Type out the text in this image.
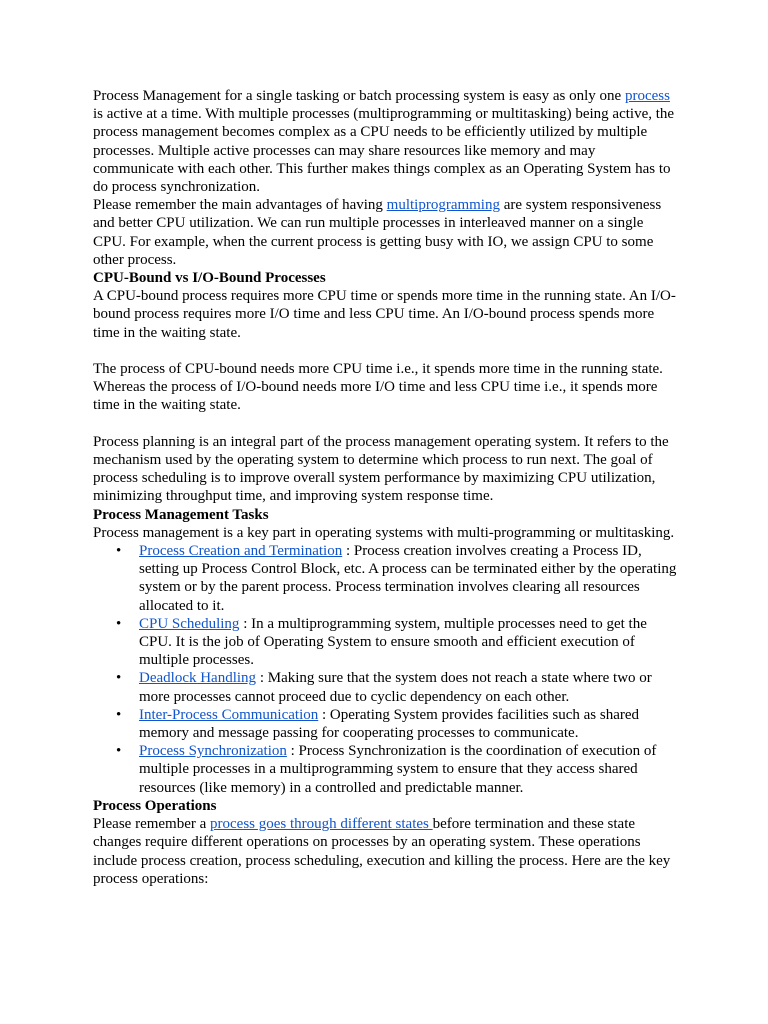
Process Management for a single tasking or batch processing system is easy as only one process is active at a time. With multiple processes (multiprogramming or multitasking) being active, the process management becomes complex as a CPU needs to be efficiently utilized by multiple processes. Multiple active processes can may share resources like memory and may communicate with each other. This further makes things complex as an Operating System has to do process synchronization.

Please remember the main advantages of having multiprogramming are system responsiveness and better CPU utilization. We can run multiple processes in interleaved manner on a single CPU. For example, when the current process is getting busy with IO, we assign CPU to some other process.

CPU-Bound vs I/O-Bound Processes

A CPU-bound process requires more CPU time or spends more time in the running state. An I/O-bound process requires more I/O time and less CPU time. An I/O-bound process spends more time in the waiting state.

The process of CPU-bound needs more CPU time i.e., it spends more time in the running state. Whereas the process of I/O-bound needs more I/O time and less CPU time i.e., it spends more time in the waiting state.

Process planning is an integral part of the process management operating system. It refers to the mechanism used by the operating system to determine which process to run next. The goal of process scheduling is to improve overall system performance by maximizing CPU utilization, minimizing throughput time, and improving system response time.

Process Management Tasks

Process management is a key part in operating systems with multi-programming or multitasking.

• Process Creation and Termination : Process creation involves creating a Process ID, setting up Process Control Block, etc. A process can be terminated either by the operating system or by the parent process. Process termination involves clearing all resources allocated to it.
• CPU Scheduling : In a multiprogramming system, multiple processes need to get the CPU. It is the job of Operating System to ensure smooth and efficient execution of multiple processes.
• Deadlock Handling : Making sure that the system does not reach a state where two or more processes cannot proceed due to cyclic dependency on each other.
• Inter-Process Communication : Operating System provides facilities such as shared memory and message passing for cooperating processes to communicate.
• Process Synchronization : Process Synchronization is the coordination of execution of multiple processes in a multiprogramming system to ensure that they access shared resources (like memory) in a controlled and predictable manner.
Process Operations

Please remember a process goes through different states before termination and these state changes require different operations on processes by an operating system. These operations include process creation, process scheduling, execution and killing the process. Here are the key process operations:
